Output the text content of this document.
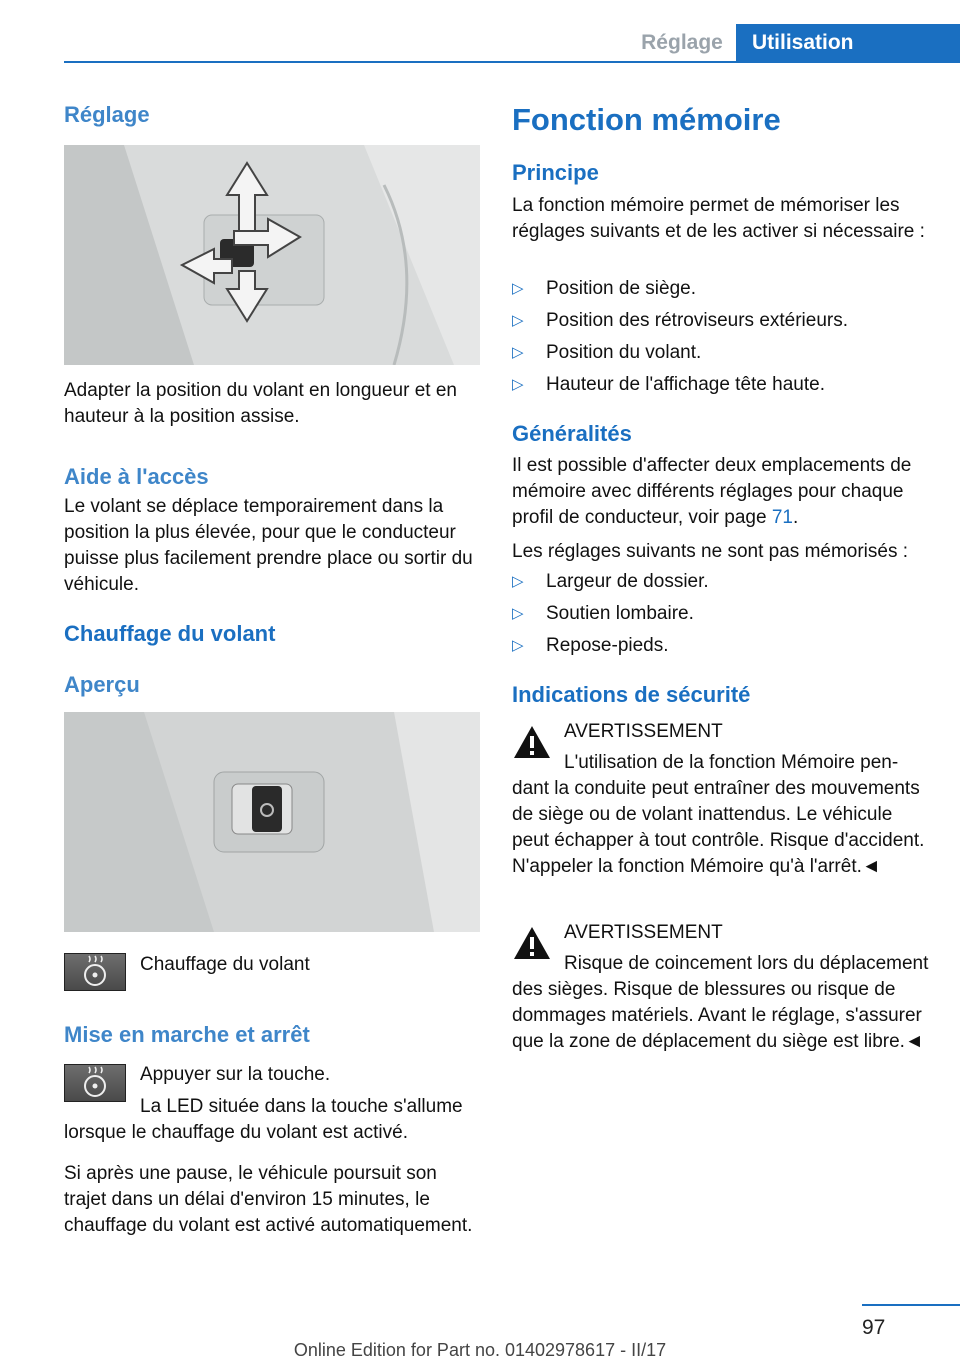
Réglage	Utilisation
Réglage
Adapter la position du volant en longueur et en hauteur à la position assise.
Aide à l'accès
Le volant se déplace temporairement dans la position la plus élevée, pour que le conducteur puisse plus facilement prendre place ou sortir du véhicule.
Chauffage du volant
Aperçu
Chauffage du volant
Mise en marche et arrêt
Appuyer sur la touche.
La LED située dans la touche s'allume lorsque le chauffage du volant est activé.
Si après une pause, le véhicule poursuit son trajet dans un délai d'environ 15 minutes, le chauffage du volant est activé automatiquement.
Fonction mémoire
Principe
La fonction mémoire permet de mémoriser les réglages suivants et de les activer si nécessaire :
▷ Position de siège.
▷ Position des rétroviseurs extérieurs.
▷ Position du volant.
▷ Hauteur de l'affichage tête haute.
Généralités
Il est possible d'affecter deux emplacements de mémoire avec différents réglages pour chaque profil de conducteur, voir page 71.
Les réglages suivants ne sont pas mémorisés :
▷ Largeur de dossier.
▷ Soutien lombaire.
▷ Repose-pieds.
Indications de sécurité
AVERTISSEMENT
L'utilisation de la fonction Mémoire pendant la conduite peut entraîner des mouvements de siège ou de volant inattendus. Le véhicule peut échapper à tout contrôle. Risque d'accident. N'appeler la fonction Mémoire qu'à l'arrêt.◄
AVERTISSEMENT
Risque de coincement lors du déplacement des sièges. Risque de blessures ou risque de dommages matériels. Avant le réglage, s'assurer que la zone de déplacement du siège est libre.◄
97
Online Edition for Part no. 01402978617 - II/17
